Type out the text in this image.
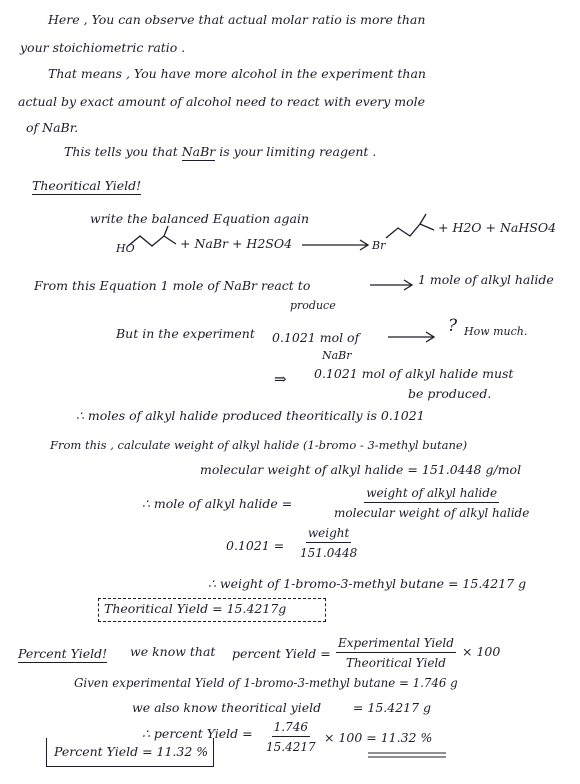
Here , You can observe that actual molar ratio is more than
your stoichiometric ratio .
That means , You have more alcohol in the experiment than
actual by exact amount of alcohol need to react with every mole
of NaBr.
This tells you that NaBr is your limiting reagent .
Theoritical Yield!
write the balanced Equation again
HO	+ NaBr + H2SO4	Br
+ H2O + NaHSO4
From this Equation 1 mole of NaBr react to
produce
1 mole of alkyl halide
But in the experiment 0.1021 mol of
NaBr
? How much.
⇒ 0.1021 mol of alkyl halide must
be produced.
∴ moles of alkyl halide produced theoritically is 0.1021
From this , calculate weight of alkyl halide (1-bromo - 3-methyl butane)
molecular weight of alkyl halide = 151.0448 g/mol
∴ mole of alkyl halide =
weight of alkyl halide
molecular weight of alkyl halide
0.1021 =
weight
151.0448
∴ weight of 1-bromo-3-methyl butane = 15.4217 g
Theoritical Yield = 15.4217g
Percent Yield! we know that percent Yield =
Experimental Yield
Theoritical Yield
× 100
Given experimental Yield of 1-bromo-3-methyl butane = 1.746 g
we also know theoritical yield        = 15.4217 g
∴ percent Yield = $\frac{1.746}{15.4217} \times 100 = 11.32$ %
Percent Yield = 11.32 %
